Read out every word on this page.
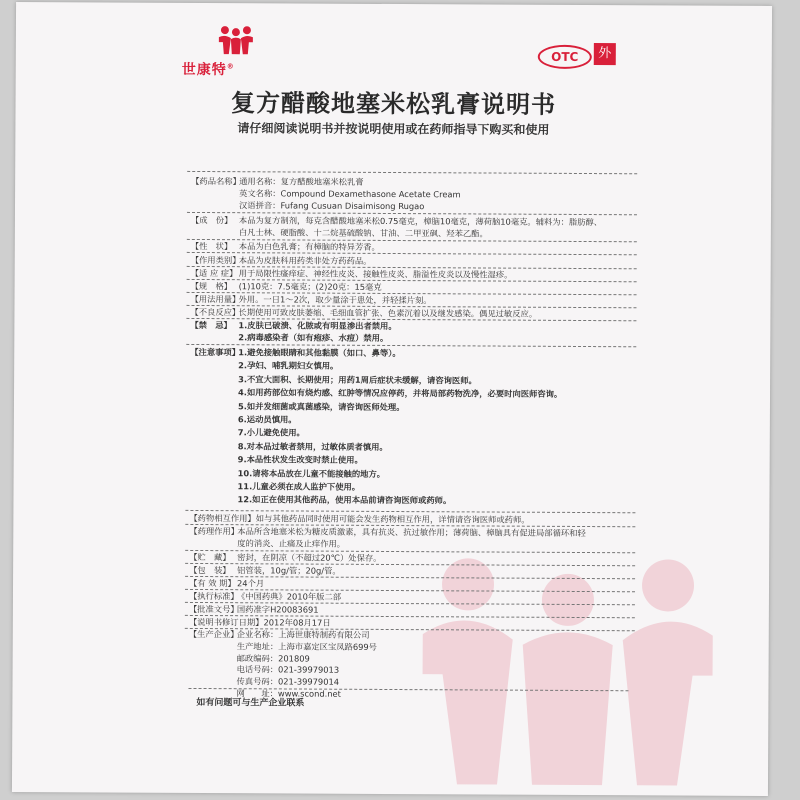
世康特®
OTC	外
复方醋酸地塞米松乳膏说明书
请仔细阅读说明书并按说明使用或在药师指导下购买和使用
【药品名称】通用名称：复方醋酸地塞米松乳膏
英文名称：Compound Dexamethasone Acetate Cream
汉语拼音：Fufang Cusuan Disaimisong Rugao
【成　份】 本品为复方制剂，每克含醋酸地塞米松0.75毫克，樟脑10毫克，薄荷脑10毫克。辅料为：脂肪醇、
白凡士林、硬脂酸、十二烷基硫酸钠、甘油、二甲亚砜、羟苯乙酯。
【性　状】 本品为白色乳膏；有樟脑的特异芳香。
【作用类别】本品为皮肤科用药类非处方药药品。
【适 应 症】用于局限性瘙痒症、神经性皮炎、接触性皮炎、脂溢性皮炎以及慢性湿疹。
【规　格】 (1)10克：7.5毫克；(2)20克：15毫克
【用法用量】外用。一日1～2次，取少量涂于患处，并轻揉片刻。
【不良反应】长期使用可致皮肤萎缩、毛细血管扩张、色素沉着以及继发感染。偶见过敏反应。
【禁　忌】 1.皮肤已破溃、化脓或有明显渗出者禁用。
2.病毒感染者（如有疱疹、水痘）禁用。
【注意事项】1.避免接触眼睛和其他黏膜（如口、鼻等）。
2.孕妇、哺乳期妇女慎用。
3.不宜大面积、长期使用；用药1周后症状未缓解，请咨询医师。
4.如用药部位如有烧灼感、红肿等情况应停药，并将局部药物洗净，必要时向医师咨询。
5.如并发细菌或真菌感染，请咨询医师处理。
6.运动员慎用。
7.小儿避免使用。
8.对本品过敏者禁用，过敏体质者慎用。
9.本品性状发生改变时禁止使用。
10.请将本品放在儿童不能接触的地方。
11.儿童必须在成人监护下使用。
12.如正在使用其他药品，使用本品前请咨询医师或药师。
【药物相互作用】如与其他药品同时使用可能会发生药物相互作用，详情请咨询医师或药师。
【药理作用】本品所含地塞米松为糖皮质激素，具有抗炎、抗过敏作用；薄荷脑、樟脑具有促进局部循环和轻
度的消炎、止痛及止痒作用。
【贮　藏】 密封，在阴凉（不超过20℃）处保存。
【包　装】 铝管装，10g/管；20g/管。
【有 效 期】24个月
【执行标准】《中国药典》2010年版二部
【批准文号】国药准字H20083691
【说明书修订日期】2012年08月17日
【生产企业】企业名称：上海世康特制药有限公司
生产地址：上海市嘉定区宝凤路699号
邮政编码：201809
电话号码：021-39979013
传真号码：021-39979014
网　　址：www.scond.net
如有问题可与生产企业联系
